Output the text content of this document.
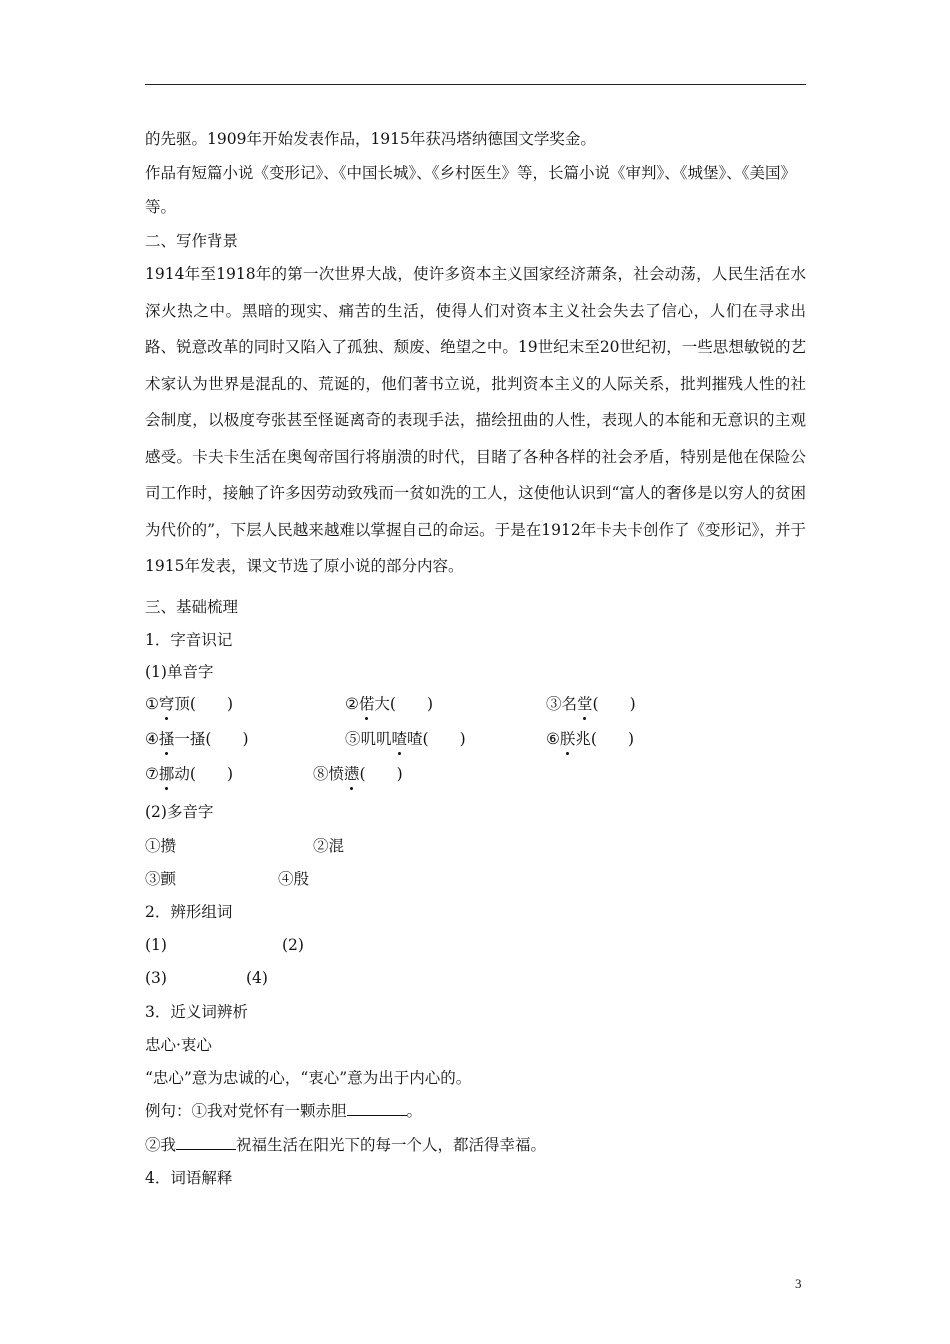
的先驱。1909年开始发表作品，1915年获冯塔纳德国文学奖金。
作品有短篇小说《变形记》、《中国长城》、《乡村医生》等，长篇小说《审判》、《城堡》、《美国》
等。
二、写作背景
1914年至1918年的第一次世界大战，使许多资本主义国家经济萧条，社会动荡，人民生活在水深火热之中。黑暗的现实、痛苦的生活，使得人们对资本主义社会失去了信心，人们在寻求出路、锐意改革的同时又陷入了孤独、颓废、绝望之中。19世纪末至20世纪初，一些思想敏锐的艺术家认为世界是混乱的、荒诞的，他们著书立说，批判资本主义的人际关系，批判摧残人性的社会制度，以极度夸张甚至怪诞离奇的表现手法，描绘扭曲的人性，表现人的本能和无意识的主观感受。卡夫卡生活在奥匈帝国行将崩溃的时代，目睹了各种各样的社会矛盾，特别是他在保险公司工作时，接触了许多因劳动致残而一贫如洗的工人，这使他认识到“富人的奢侈是以穷人的贫困为代价的”，下层人民越来越难以掌握自己的命运。于是在1912年卡夫卡创作了《变形记》，并于1915年发表，课文节选了原小说的部分内容。
三、基础梳理
1．字音识记
(1)单音字
①穹顶(　　)	②偌大(　　)	③名堂(　　)
④搔一搔(　　)	⑤叽叽喳喳(　　)	⑥朕兆(　　)
⑦挪动(　　)	⑧愤懑(　　)
(2)多音字
①攒	②混
③颤	④殷
2．辨形组词
(1)	(2)
(3)	(4)
3．近义词辨析
忠心·衷心
“忠心”意为忠诚的心，“衷心”意为出于内心的。
例句：①我对党怀有一颗赤胆	。
②我	祝福生活在阳光下的每一个人，都活得幸福。
4．词语解释
3
